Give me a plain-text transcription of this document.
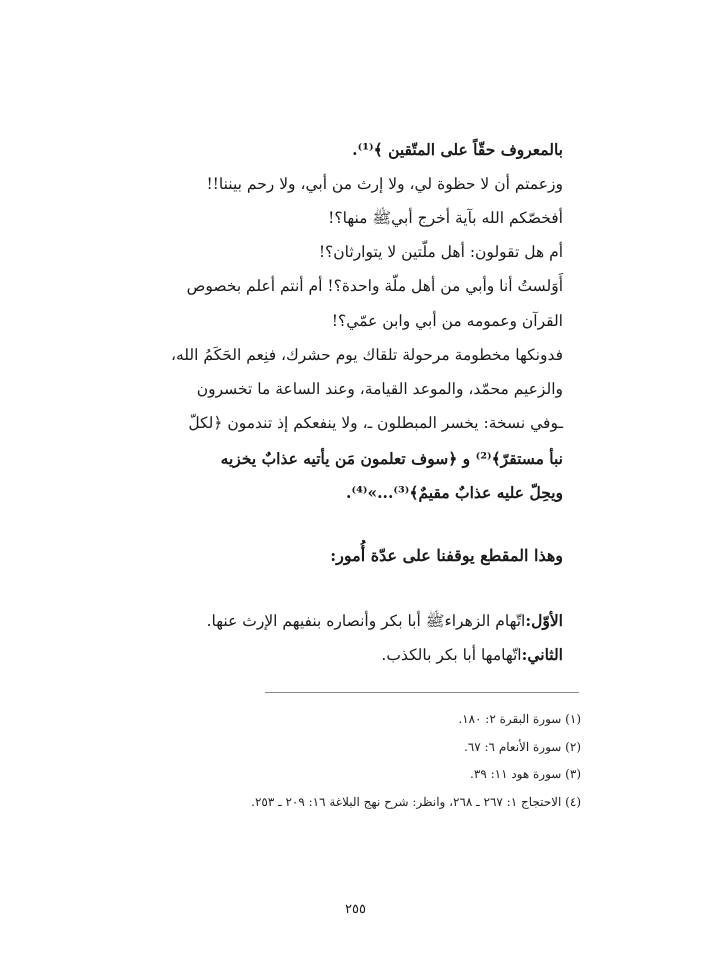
بالمعروف حقّاً على المتّقين ﴾⁽¹⁾.
وزعمتم أن لا حظوة لي، ولا إرث من أبي، ولا رحم بيننا!!
أفخصّكم الله بآية أخرج أبيﷺ منها؟!
أم هل تقولون: أهل ملّتين لا يتوارثان؟!
أَوَلستُ أنا وأبي من أهل ملّة واحدة؟! أم أنتم أعلم بخصوص
القرآن وعمومه من أبي وابن عمّي؟!
فدونكها مخطومة مرحولة تلقاك يوم حشرك، فنِعم الحَكَمُ الله،
والزعيم محمّد، والموعد القيامة، وعند الساعة ما تخسرون
ـوفي نسخة: يخسر المبطلون ـ، ولا ينفعكم إذ تندمون ﴿لكلّ
نبأ مستقرّ﴾⁽²⁾ و ﴿سوف تعلمون مَن يأتيه عذابٌ يخزيه
ويحِلّ عليه عذابٌ مقيمٌ﴾⁽³⁾...»⁽⁴⁾.
وهذا المقطع يوقفنا على عدّة أُمور:
الأوّل:اتّهام الزهراءﷺ أبا بكر وأنصاره بنفيهم الإرث عنها.
الثاني:اتّهامها أبا بكر بالكذب.
(١) سورة البقرة ٢: ١٨٠.
(٢) سورة الأنعام ٦: ٦٧.
(٣) سورة هود ١١: ٣٩.
(٤) الاحتجاج ١: ٢٦٧ ـ ٢٦٨، وانظر: شرح نهج البلاغة ١٦: ٢٠٩ ـ ٢٥٣.
٢٥٥
